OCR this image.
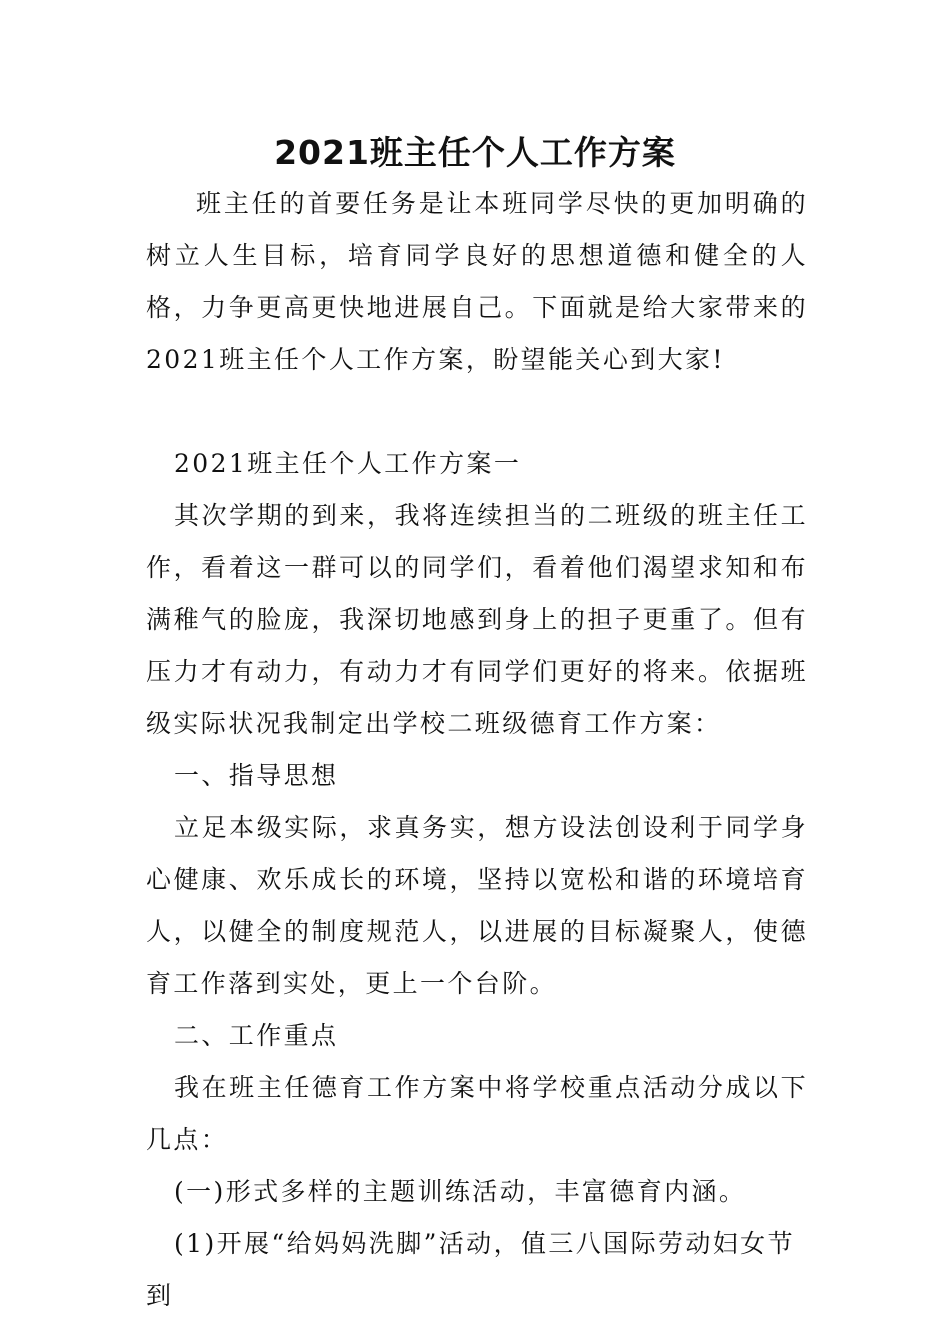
2021班主任个人工作方案

班主任的首要任务是让本班同学尽快的更加明确的树立人生目标，培育同学良好的思想道德和健全的人格，力争更高更快地进展自己。下面就是给大家带来的2021班主任个人工作方案，盼望能关心到大家!

2021班主任个人工作方案一

其次学期的到来，我将连续担当的二班级的班主任工作，看着这一群可以的同学们，看着他们渴望求知和布满稚气的脸庞，我深切地感到身上的担子更重了。但有压力才有动力，有动力才有同学们更好的将来。依据班级实际状况我制定出学校二班级德育工作方案：

一、指导思想

立足本级实际，求真务实，想方设法创设利于同学身心健康、欢乐成长的环境，坚持以宽松和谐的环境培育人，以健全的制度规范人，以进展的目标凝聚人，使德育工作落到实处，更上一个台阶。

二、工作重点

我在班主任德育工作方案中将学校重点活动分成以下几点：

(一)形式多样的主题训练活动，丰富德育内涵。

(1)开展“给妈妈洗脚”活动，值三八国际劳动妇女节到
